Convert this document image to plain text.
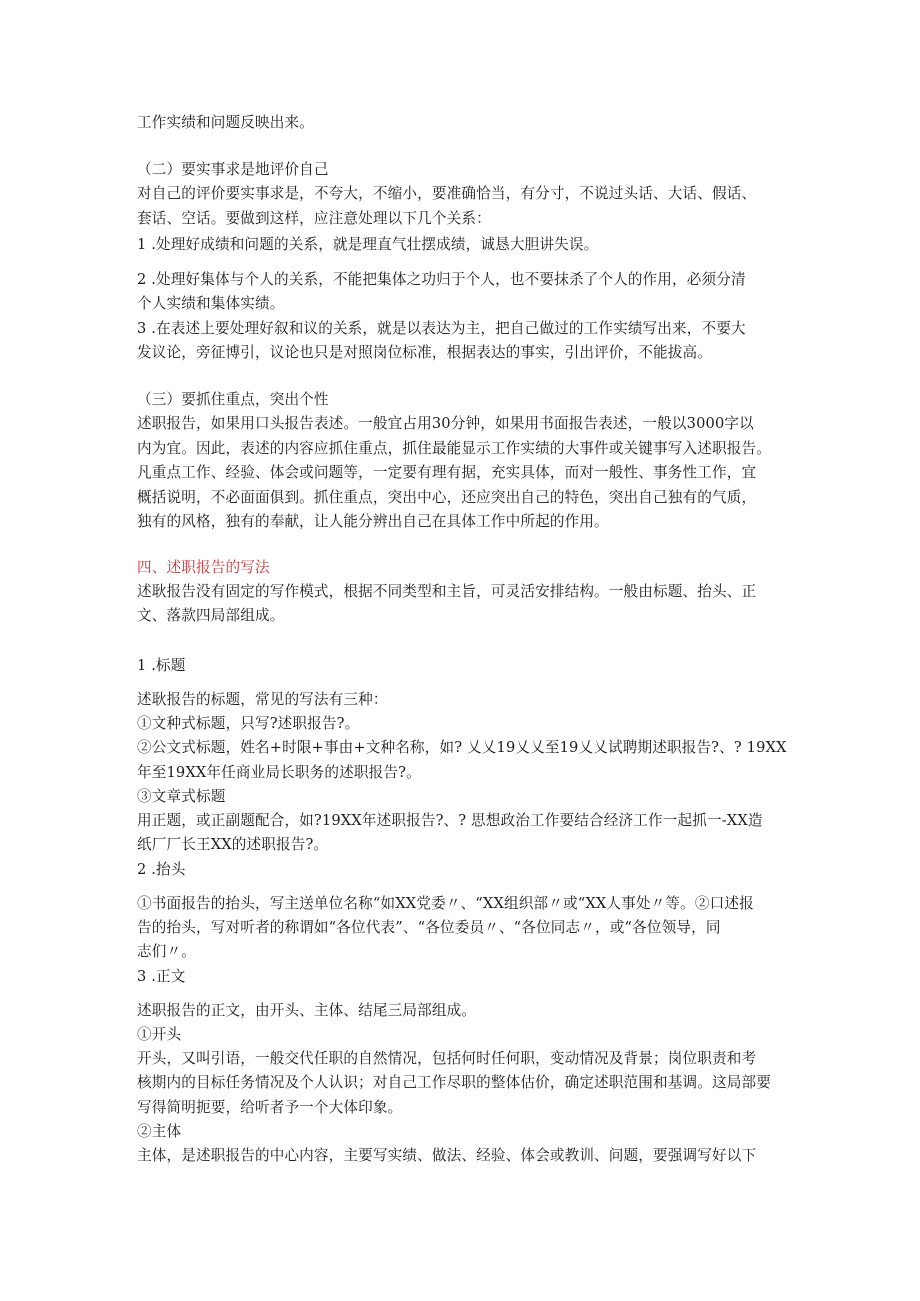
工作实绩和问题反映出来。
（二）要实事求是地评价自己
对自己的评价要实事求是，不夸大，不缩小，要准确恰当，有分寸，不说过头话、大话、假话、
套话、空话。要做到这样，应注意处理以下几个关系：
1 .处理好成绩和问题的关系，就是理直气壮摆成绩，诚恳大胆讲失误。
2 .处理好集体与个人的关系，不能把集体之功归于个人，也不要抹杀了个人的作用，必须分清
个人实绩和集体实绩。
3 .在表述上要处理好叙和议的关系，就是以表达为主，把自己做过的工作实绩写出来，不要大
发议论，旁征博引，议论也只是对照岗位标准，根据表达的事实，引出评价，不能拔高。
（三）要抓住重点，突出个性
述职报告，如果用口头报告表述。一般宜占用30分钟，如果用书面报告表述，一般以3000字以
内为宜。因此，表述的内容应抓住重点，抓住最能显示工作实绩的大事件或关键事写入述职报告。
凡重点工作、经验、体会或问题等，一定要有理有据，充实具体，而对一般性、事务性工作，宜
概括说明，不必面面俱到。抓住重点，突出中心，还应突出自己的特色，突出自己独有的气质，
独有的风格，独有的奉献，让人能分辨出自己在具体工作中所起的作用。
四、述职报告的写法
述耿报告没有固定的写作模式，根据不同类型和主旨，可灵活安排结构。一般由标题、抬头、正
文、落款四局部组成。
1 .标题
述耿报告的标题，常见的写法有三种：
①文种式标题，只写?述职报告?。
②公文式标题，姓名+时限+事由+文种名称，如? 乂乂19乂乂至19乂乂试聘期述职报告?、? 19XX
年至19XX年任商业局长职务的述职报告?。
③文章式标题
用正题，或正副题配合，如?19XX年述职报告?、? 思想政治工作要结合经济工作一起抓一-XX造
纸厂厂长王XX的述职报告?。
2 .抬头
①书面报告的抬头，写主送单位名称“如XX党委〃、“XX组织部〃或“XX人事处〃等。②口述报
告的抬头，写对听者的称谓如“各位代表”、“各位委员〃、“各位同志〃，或“各位领导，同
志们〃。
3 .正文
述职报告的正文，由开头、主体、结尾三局部组成。
①开头
开头，又叫引语，一般交代任职的自然情况，包括何时任何职，变动情况及背景；岗位职责和考
核期内的目标任务情况及个人认识；对自己工作尽职的整体估价，确定述职范围和基调。这局部要
写得简明扼要，给听者予一个大体印象。
②主体
主体，是述职报告的中心内容，主要写实绩、做法、经验、体会或教训、问题，要强调写好以下
